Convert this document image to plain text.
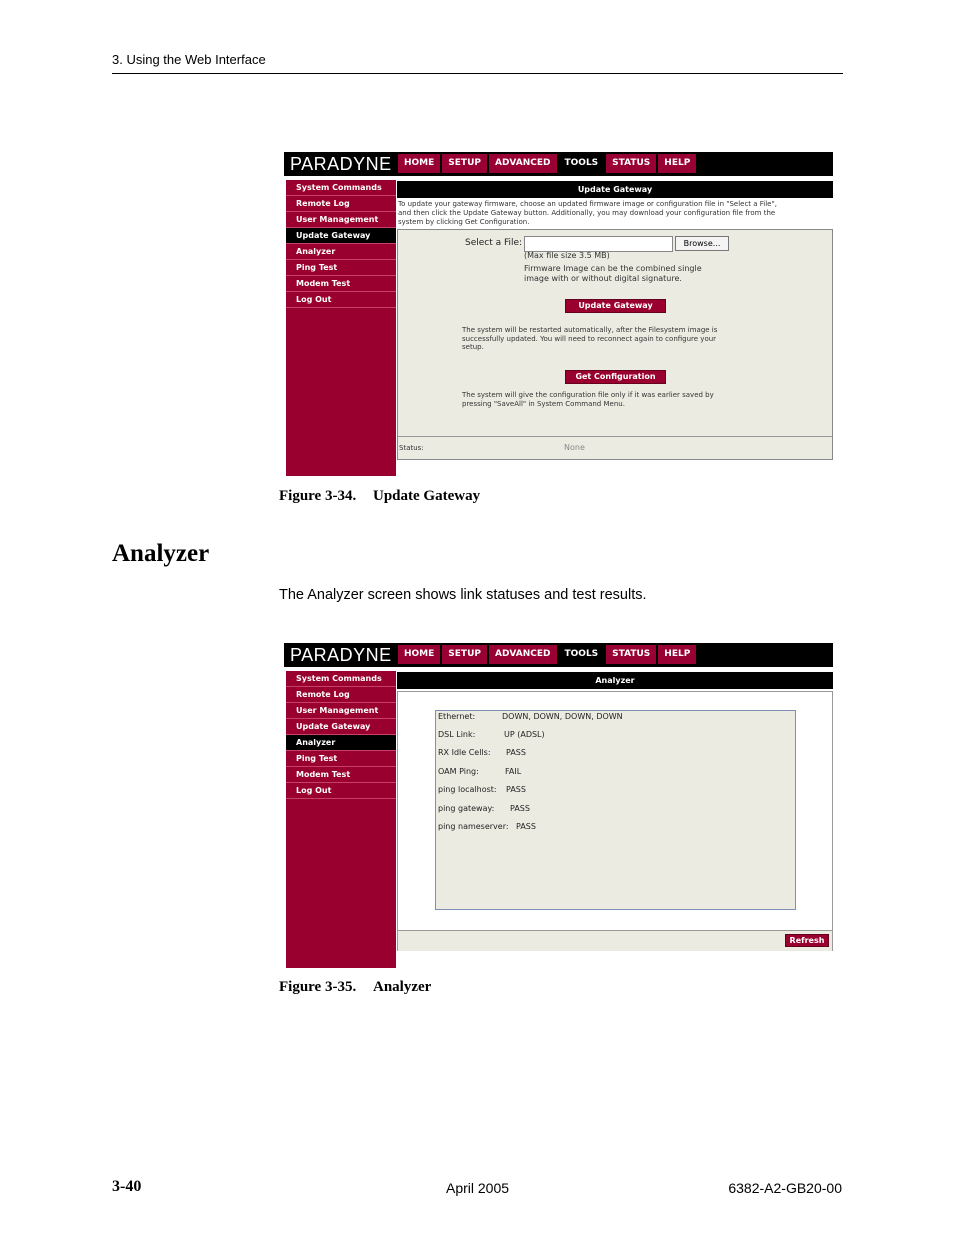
3. Using the Web Interface
PARADYNE	HOME	SETUP	ADVANCED	TOOLS	STATUS	HELP
System Commands
Remote Log
User Management
Update Gateway
Analyzer
Ping Test
Modem Test
Log Out
Update Gateway
To update your gateway firmware, choose an updated firmware image or configuration file in "Select a File",
and then click the Update Gateway button. Additionally, you may download your configuration file from the
system by clicking Get Configuration.
Select a File:	Browse...
(Max file size 3.5 MB)
Firmware Image can be the combined single
image with or without digital signature.
Update Gateway
The system will be restarted automatically, after the Filesystem image is
successfully updated. You will need to reconnect again to configure your
setup.
Get Configuration
The system will give the configuration file only if it was earlier saved by
pressing "SaveAll" in System Command Menu.
Status:	None
Figure 3-34. Update Gateway
Analyzer
The Analyzer screen shows link statuses and test results.
PARADYNE	HOME	SETUP	ADVANCED	TOOLS	STATUS	HELP
System Commands
Remote Log
User Management
Update Gateway
Analyzer
Ping Test
Modem Test
Log Out
Analyzer
Ethernet:	DOWN, DOWN, DOWN, DOWN
DSL Link:	UP (ADSL)
RX Idle Cells: PASS
OAM Ping:	FAIL
ping localhost: PASS
ping gateway: PASS
ping nameserver: PASS
Refresh
Figure 3-35. Analyzer
3-40	April 2005	6382-A2-GB20-00
